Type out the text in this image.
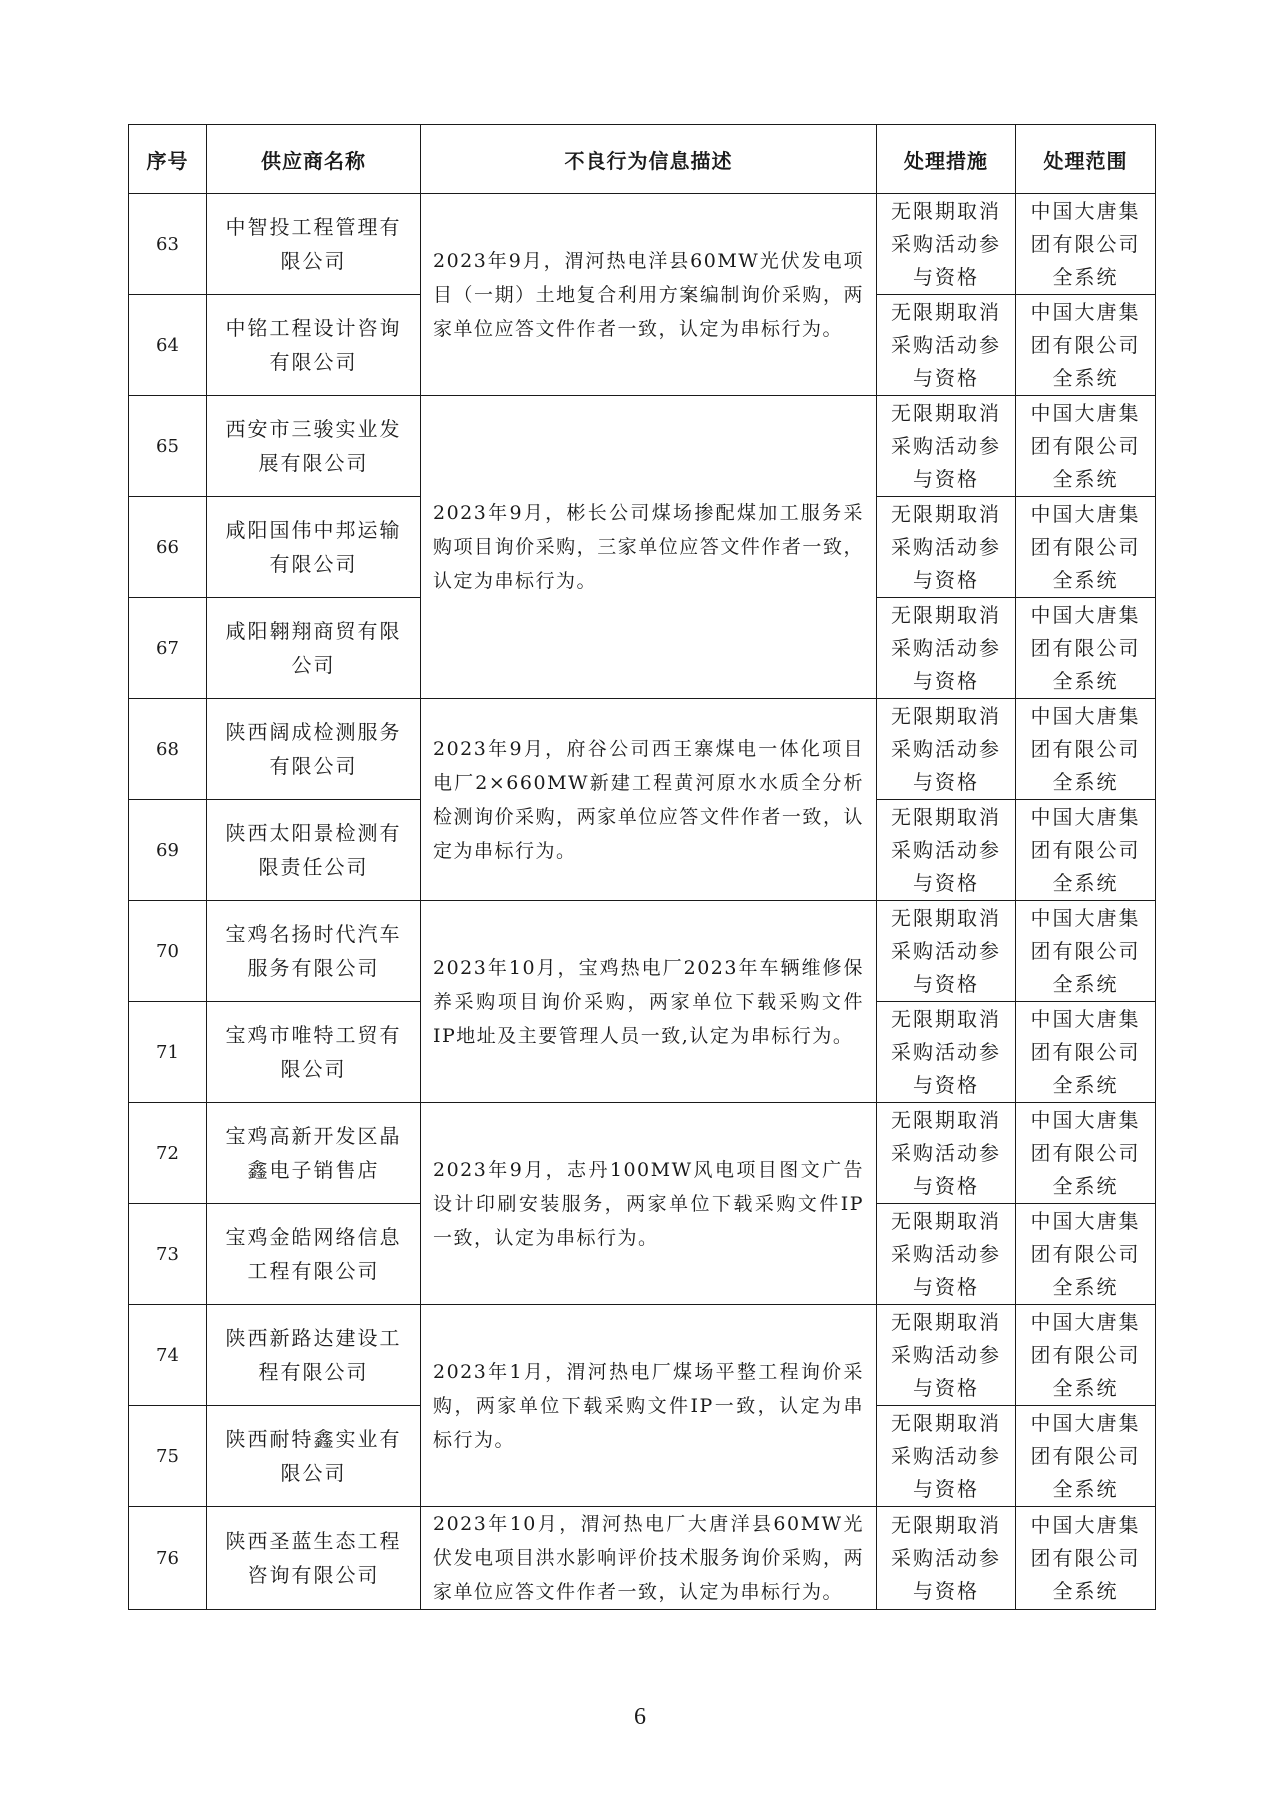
序号	供应商名称	不良行为信息描述	处理措施	处理范围
63	中智投工程管理有限公司	2023年9月，渭河热电洋县60MW光伏发电项目（一期）土地复合利用方案编制询价采购，两家单位应答文件作者一致，认定为串标行为。	无限期取消采购活动参与资格	中国大唐集团有限公司全系统
64	中铭工程设计咨询有限公司		无限期取消采购活动参与资格	中国大唐集团有限公司全系统
65	西安市三骏实业发展有限公司	2023年9月，彬长公司煤场掺配煤加工服务采购项目询价采购，三家单位应答文件作者一致，认定为串标行为。	无限期取消采购活动参与资格	中国大唐集团有限公司全系统
66	咸阳国伟中邦运输有限公司		无限期取消采购活动参与资格	中国大唐集团有限公司全系统
67	咸阳翱翔商贸有限公司		无限期取消采购活动参与资格	中国大唐集团有限公司全系统
68	陕西阔成检测服务有限公司	2023年9月，府谷公司西王寨煤电一体化项目电厂2×660MW新建工程黄河原水水质全分析检测询价采购，两家单位应答文件作者一致，认定为串标行为。	无限期取消采购活动参与资格	中国大唐集团有限公司全系统
69	陕西太阳景检测有限责任公司		无限期取消采购活动参与资格	中国大唐集团有限公司全系统
70	宝鸡名扬时代汽车服务有限公司	2023年10月，宝鸡热电厂2023年车辆维修保养采购项目询价采购，两家单位下载采购文件IP地址及主要管理人员一致,认定为串标行为。	无限期取消采购活动参与资格	中国大唐集团有限公司全系统
71	宝鸡市唯特工贸有限公司		无限期取消采购活动参与资格	中国大唐集团有限公司全系统
72	宝鸡高新开发区晶鑫电子销售店	2023年9月，志丹100MW风电项目图文广告设计印刷安装服务，两家单位下载采购文件IP一致，认定为串标行为。	无限期取消采购活动参与资格	中国大唐集团有限公司全系统
73	宝鸡金皓网络信息工程有限公司		无限期取消采购活动参与资格	中国大唐集团有限公司全系统
74	陕西新路达建设工程有限公司	2023年1月，渭河热电厂煤场平整工程询价采购，两家单位下载采购文件IP一致，认定为串标行为。	无限期取消采购活动参与资格	中国大唐集团有限公司全系统
75	陕西耐特鑫实业有限公司		无限期取消采购活动参与资格	中国大唐集团有限公司全系统
76	陕西圣蓝生态工程咨询有限公司	2023年10月，渭河热电厂大唐洋县60MW光伏发电项目洪水影响评价技术服务询价采购，两家单位应答文件作者一致，认定为串标行为。	无限期取消采购活动参与资格	中国大唐集团有限公司全系统
6
